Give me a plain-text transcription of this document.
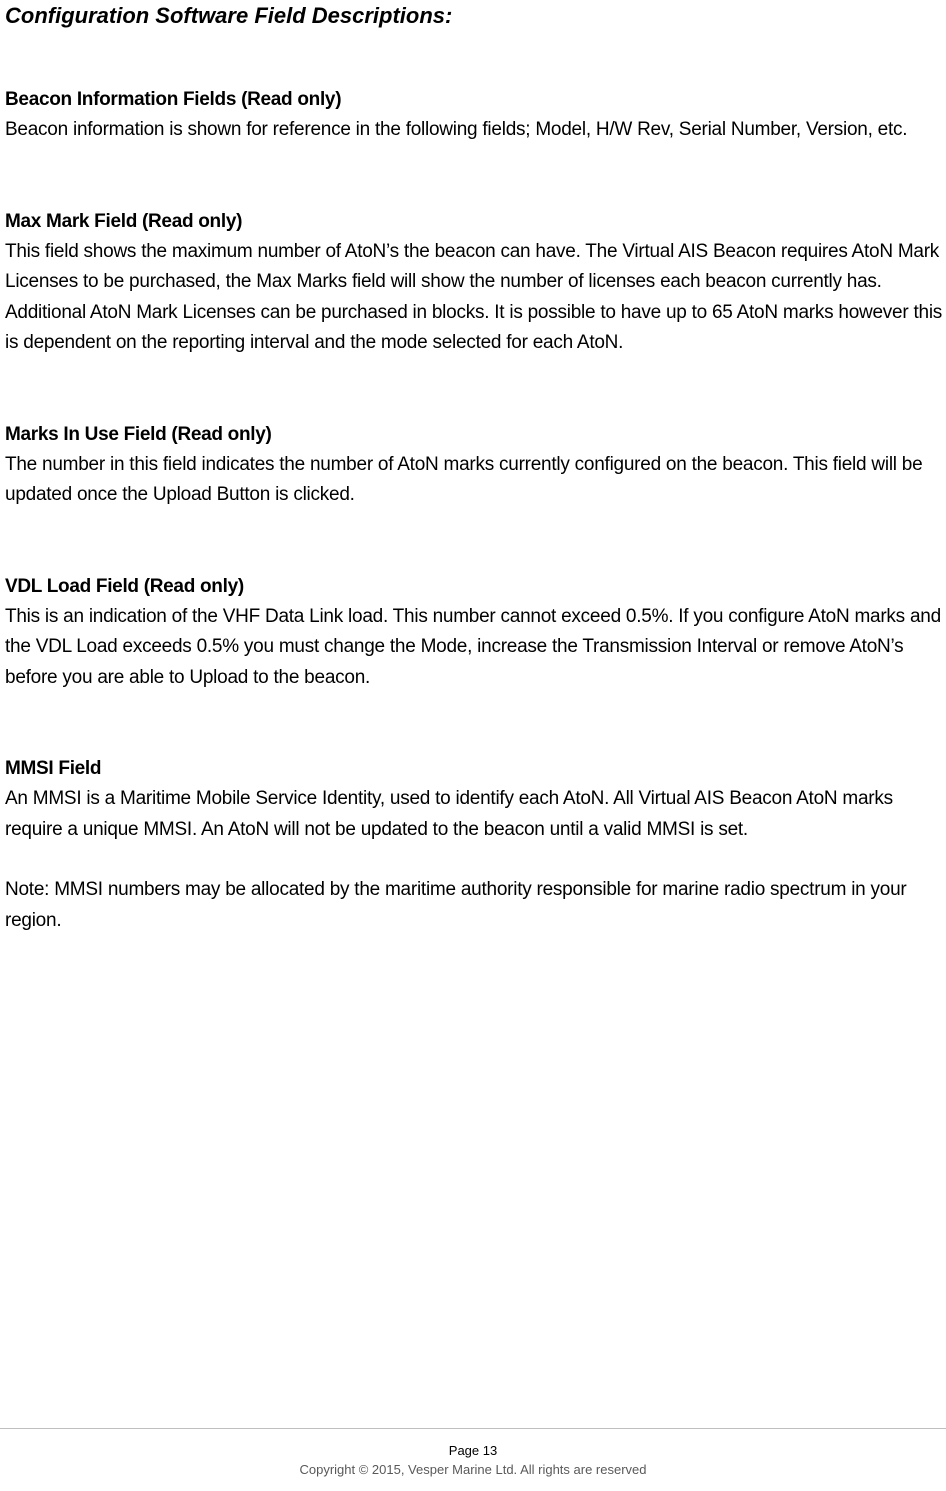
Configuration Software Field Descriptions:
Beacon Information Fields (Read only)

Beacon information is shown for reference in the following fields; Model, H/W Rev, Serial Number, Version, etc.

Max Mark Field (Read only)

This field shows the maximum number of AtoN’s the beacon can have. The Virtual AIS Beacon requires AtoN Mark Licenses to be purchased, the Max Marks field will show the number of licenses each beacon currently has. Additional AtoN Mark Licenses can be purchased in blocks. It is possible to have up to 65 AtoN marks however this is dependent on the reporting interval and the mode selected for each AtoN.

Marks In Use Field (Read only)

The number in this field indicates the number of AtoN marks currently configured on the beacon. This field will be updated once the Upload Button is clicked.

VDL Load Field (Read only)

This is an indication of the VHF Data Link load. This number cannot exceed 0.5%. If you configure AtoN marks and the VDL Load exceeds 0.5% you must change the Mode, increase the Transmission Interval or remove AtoN’s before you are able to Upload to the beacon.

MMSI Field

An MMSI is a Maritime Mobile Service Identity, used to identify each AtoN. All Virtual AIS Beacon AtoN marks require a unique MMSI. An AtoN will not be updated to the beacon until a valid MMSI is set.

Note: MMSI numbers may be allocated by the maritime authority responsible for marine radio spectrum in your region.

Page 13
Copyright © 2015, Vesper Marine Ltd. All rights are reserved
